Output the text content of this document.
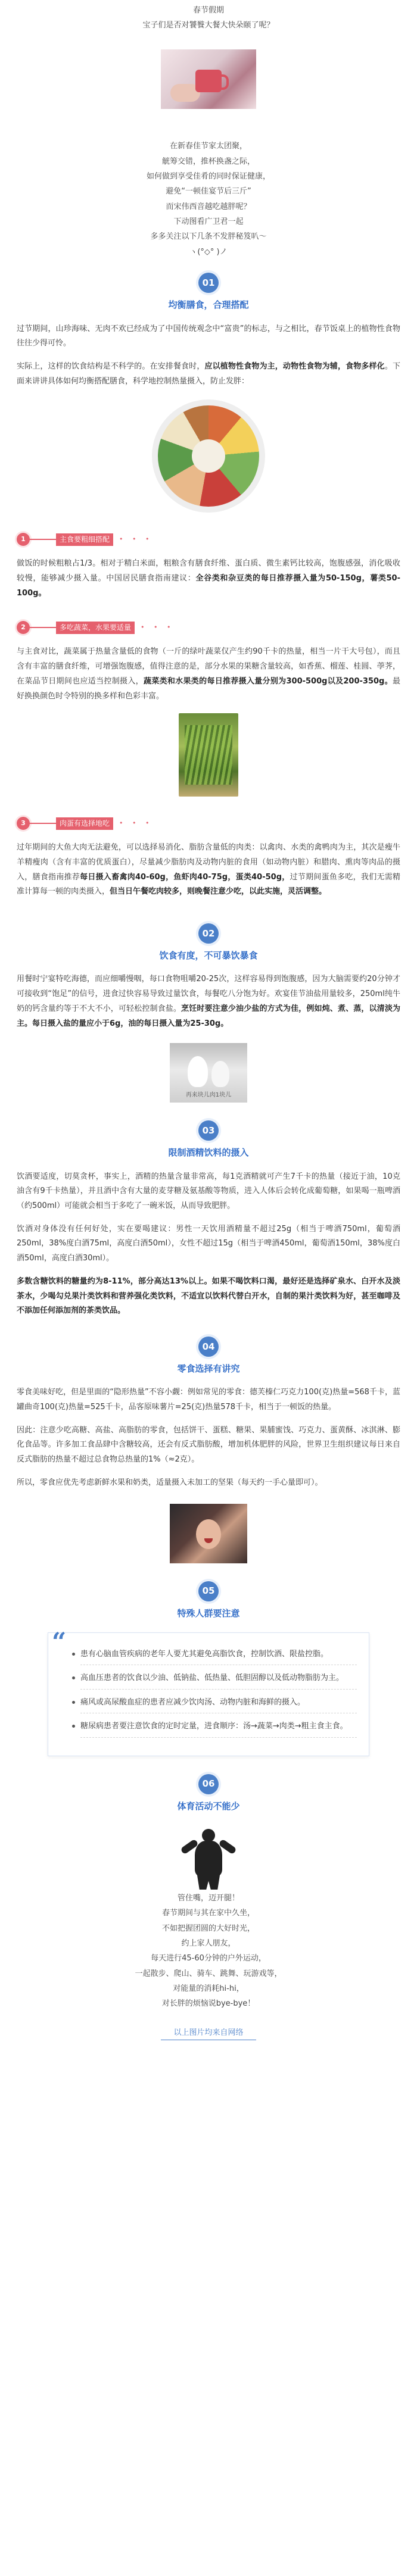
春节假期

宝子们是否对饕餮大餐大快朵颐了呢？

在新春佳节家太团聚，

觥筹交错，推杯换盏之际，

如何做到享受佳肴的同时保证健康，

避免“一顿佳宴节后三斤”

而宋伟西音越吃越胖呢？

下动图看广卫君一起

多多关注以下几条不发胖秘笈叭～

ヽ(°◇° )ノ

01
均衡膳食，合理搭配

过节期间，山珍海味、无肉不欢已经成为了中国传统观念中“富贵”的标志，与之相比，春节饭桌上的植物性食物往往少得可怜。

实际上，这样的饮食结构是不科学的。在安排餐食时，应以植物性食物为主，动物性食物为辅，食物多样化。下面来讲讲具体如何均衡搭配膳食，科学地控制热量摄入，防止发胖：

1	主食要粗细搭配	• • •
做饭的时候粗粮占1/3。相对于精白米面，粗粮含有膳食纤维、蛋白质、微生素钙比较高，饱腹感强，消化吸收较慢，能够减少摄入量。中国居民膳食指南建议：全谷类和杂豆类的每日推荐摄入量为50-150g，薯类50-100g。
2	多吃蔬菜，水果要适量	• • •
与主食对比，蔬菜属于热量含量低的食物（一斤的绿叶蔬菜仅产生约90千卡的热量，相当一片干大号包），而且含有丰富的膳食纤维，可增强饱腹感，值得注意的是，部分水果的果糖含量较高，如香蕉、榴莲、桂圆、荸荠，在菜品节日期间也应适当控制摄入，蔬菜类和水果类的每日推荐摄入量分别为300-500g以及200-350g。最好换换颜色时令特别的换多样和色彩丰富。
3	肉蛋有选择地吃	• • •
过年期间的大鱼大肉无法避免，可以选择易消化、脂肪含量低的肉类：以禽肉、水类的禽鸭肉为主，其次是瘦牛羊精瘦肉（含有丰富的优质蛋白），尽量减少脂肪肉及动物内脏的食用（如动物内脏）和腊肉、熏肉等肉品的摄入，膳食指南推荐每日摄入畜禽肉40-60g，鱼虾肉40-75g，蛋类40-50g，过节期间蛋鱼多吃，我们无需精准计算每一顿的肉类摄入，但当日午餐吃肉较多，则晚餐注意少吃，以此实施，灵活调整。
02
饮食有度，不可暴饮暴食

用餐时宁宴特吃海德，而应细嚼慢咽，每口食物咀嚼20-25次，这样容易得到饱腹感，因为大脑需要约20分钟才可接收到“饱足”的信号，进食过快容易导致过量饮食，每餐吃八分饱为好。欢宴佳节油盐用量较多，250ml纯牛奶的钙含量约等于不大不小，可轻松控制食盐。烹饪时要注意少油少盐的方式为佳，例如炖、煮、蒸，以清淡为主。每日摄入盐的量应小于6g，油的每日摄入量为25-30g。

再来块儿肉1块儿
03
限制酒精饮料的摄入

饮酒要适度，切莫贪杯，事实上，酒精的热量含量非常高，每1克酒精就可产生7千卡的热量（接近于油，10克油含有9千卡热量），并且酒中含有大量的麦芽糖及氨基酸等物质，进入人体后会转化成葡萄糖，如果喝一瓶啤酒（约500ml）可能就会相当于多吃了一碗米饭，从而导致肥胖。

饮酒对身体没有任何好处，实在要喝建议：男性一天饮用酒精量不超过25g（相当于啤酒750ml，葡萄酒250ml，38%度白酒75ml，高度白酒50ml），女性不超过15g（相当于啤酒450ml，葡萄酒150ml，38%度白酒50ml，高度白酒30ml）。

多数含糖饮料的糖量约为8-11%，部分高达13%以上。如果不喝饮料口渴，最好还是选择矿泉水、白开水及淡茶水，少喝勾兑果汁类饮料和营养强化类饮料，不适宜以饮料代替白开水，自制的果汁类饮料为好，甚至咖啡及不添加任何添加剂的茶类饮品。

04
零食选择有讲究

零食美味好吃，但是里面的“隐形热量”不容小觑：例如常见的零食：德芙榛仁巧克力100(克)热量=568千卡，蓝罐曲奇100(克)热量=525千卡，品客原味薯片=25(克)热量578千卡，相当于一顿饭的热量。

因此：注意少吃高糖、高盐、高脂肪的零食，包括饼干、蛋糕、糖果、果脯蜜饯、巧克力、蛋黄酥、冰淇淋、膨化食品等。许多加工食品肆中含糖较高，还会有反式脂肪酸，增加机体肥胖的风险，世界卫生组织建议每日来自反式脂肪的热量不超过总食物总热量的1%（≈2克）。

所以，零食应优先考虑新鲜水果和奶类，适量摄入未加工的坚果（每天约一手心量即可）。

05
特殊人群要注意
“	患有心脑血管疾病的老年人要尤其避免高脂饮食，控制饮酒、限盐控脂。
高血压患者的饮食以少油、低钠盐、低热量、低胆固醇以及低动物脂肪为主。
痛风或高尿酸血症的患者应减少饮肉汤、动物内脏和海鲜的摄入。
糖尿病患者要注意饮食的定时定量，进食顺序：汤→蔬菜→肉类→粗主食主食。
06
体育活动不能少

管住嘴，迈开腿！

春节期间与其在家中久坐，

不如把握团圆的大好时光，

约上家人朋友，

每天进行45-60分钟的户外运动，

一起散步、爬山、骑车、跳舞、玩游戏等，

对能量的消耗hi-hi，

对长胖的烦恼说bye-bye！

以上图片均来自网络
